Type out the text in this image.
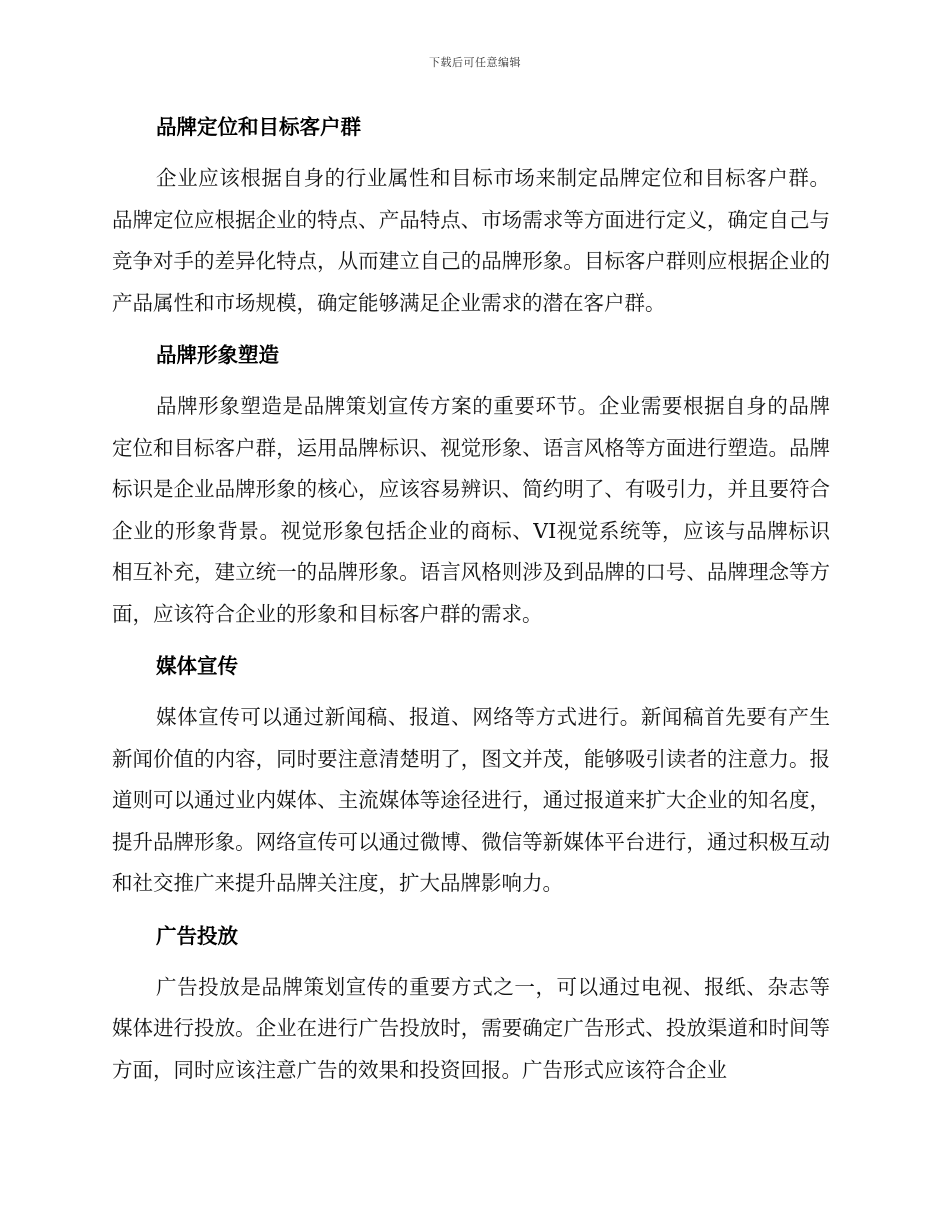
下载后可任意编辑
品牌定位和目标客户群

企业应该根据自身的行业属性和目标市场来制定品牌定位和目标客户群。品牌定位应根据企业的特点、产品特点、市场需求等方面进行定义，确定自己与竞争对手的差异化特点，从而建立自己的品牌形象。目标客户群则应根据企业的产品属性和市场规模，确定能够满足企业需求的潜在客户群。

品牌形象塑造

品牌形象塑造是品牌策划宣传方案的重要环节。企业需要根据自身的品牌定位和目标客户群，运用品牌标识、视觉形象、语言风格等方面进行塑造。品牌标识是企业品牌形象的核心，应该容易辨识、简约明了、有吸引力，并且要符合企业的形象背景。视觉形象包括企业的商标、VI视觉系统等，应该与品牌标识相互补充，建立统一的品牌形象。语言风格则涉及到品牌的口号、品牌理念等方面，应该符合企业的形象和目标客户群的需求。

媒体宣传

媒体宣传可以通过新闻稿、报道、网络等方式进行。新闻稿首先要有产生新闻价值的内容，同时要注意清楚明了，图文并茂，能够吸引读者的注意力。报道则可以通过业内媒体、主流媒体等途径进行，通过报道来扩大企业的知名度，提升品牌形象。网络宣传可以通过微博、微信等新媒体平台进行，通过积极互动和社交推广来提升品牌关注度，扩大品牌影响力。

广告投放

广告投放是品牌策划宣传的重要方式之一，可以通过电视、报纸、杂志等媒体进行投放。企业在进行广告投放时，需要确定广告形式、投放渠道和时间等方面，同时应该注意广告的效果和投资回报。广告形式应该符合企业
